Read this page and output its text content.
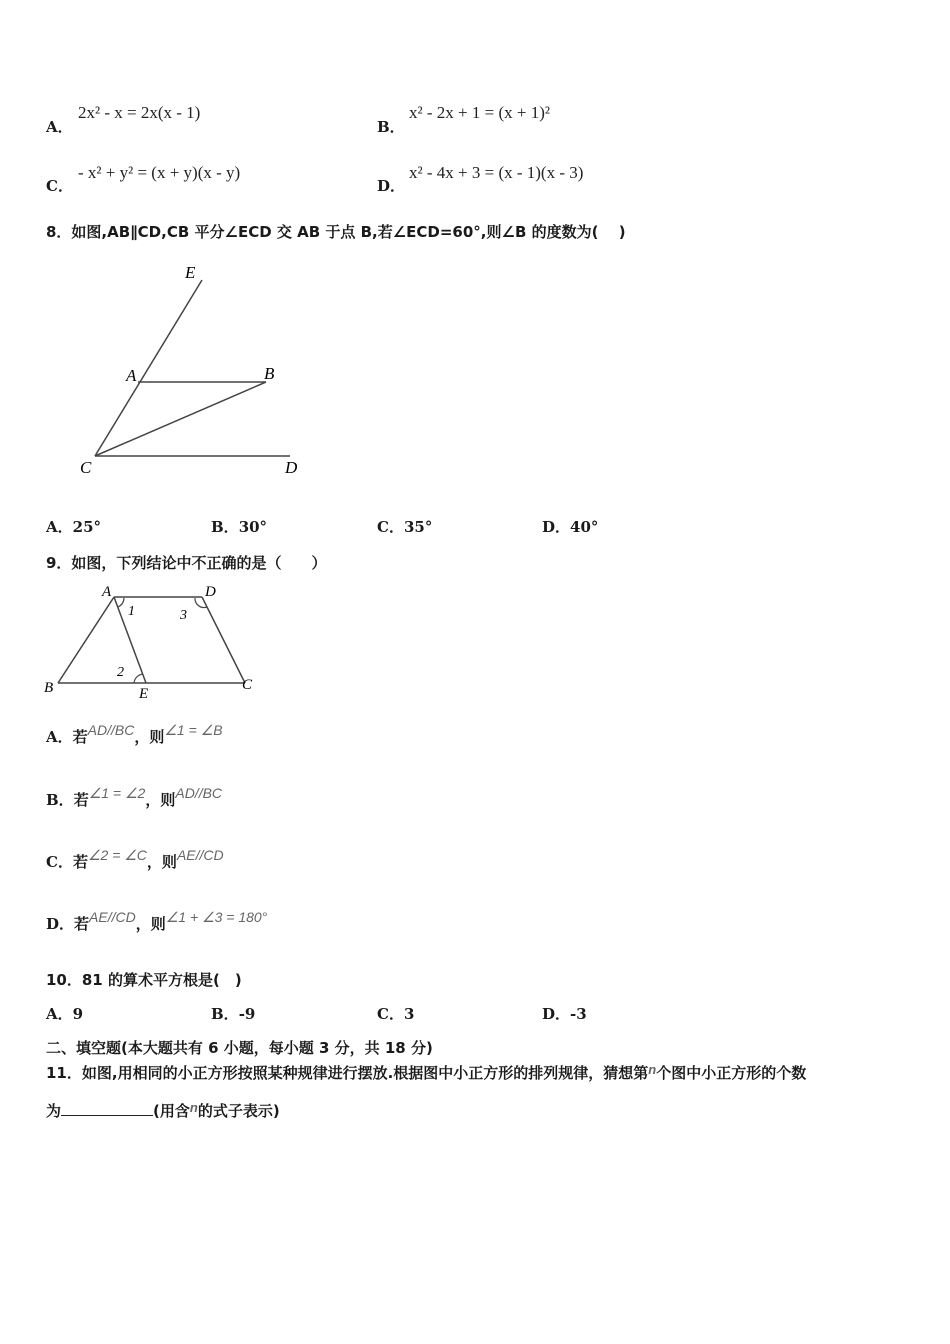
A．
2x² - x = 2x(x - 1)
B．
x² - 2x + 1 = (x + 1)²
C．
- x² + y² = (x + y)(x - y)
D．
x² - 4x + 3 = (x - 1)(x - 3)
8．如图,AB∥CD,CB 平分∠ECD 交 AB 于点 B,若∠ECD=60°,则∠B 的度数为(　 )
E
A	B
C	D
A．25°	B．30°	C．35°	D．40°
9．如图，下列结论中不正确的是（　　）
A	D
B	E
C
1	3
2
A．若AD//BC，则∠1 = ∠B
B．若∠1 = ∠2，则AD//BC
C．若∠2 = ∠C，则AE//CD
D．若AE//CD，则∠1 + ∠3 = 180°
10．81 的算术平方根是(　)
A．9	B．-9	C．3	D．-3
二、填空题(本大题共有 6 小题，每小题 3 分，共 18 分)
11．如图,用相同的小正方形按照某种规律进行摆放.根据图中小正方形的排列规律，猜想第n个图中小正方形的个数
为	(用含n的式子表示)
